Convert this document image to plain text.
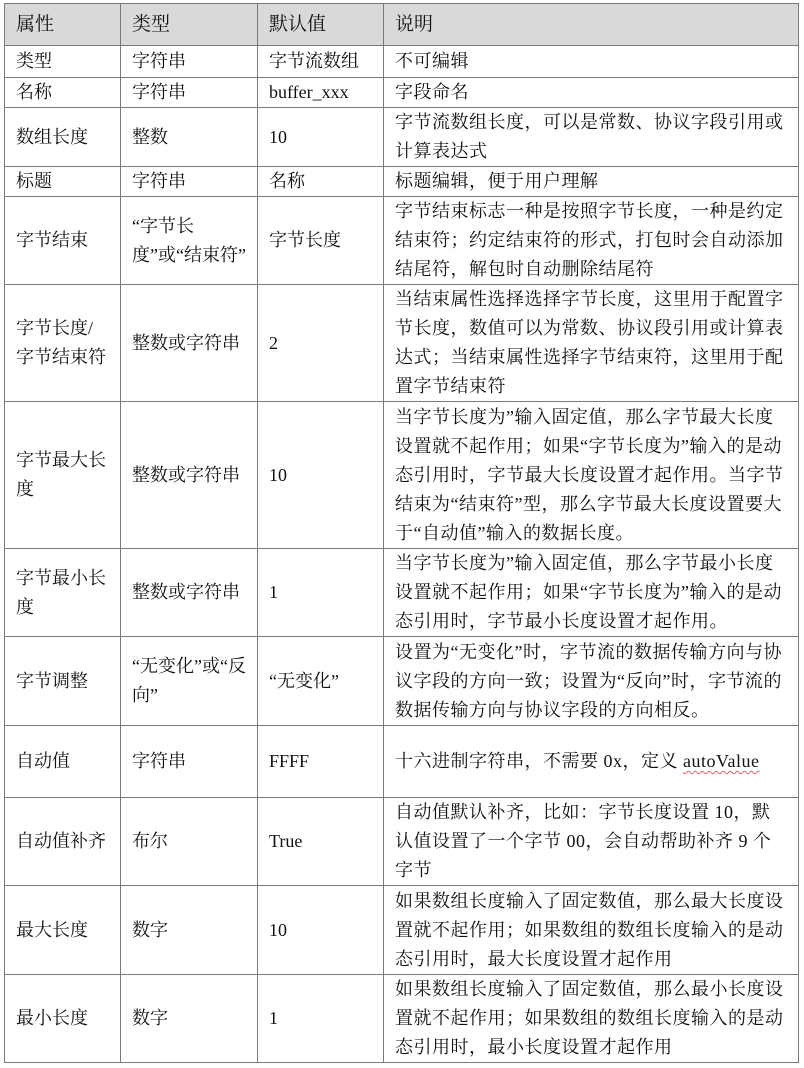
属性	类型	默认值	说明
类型	字符串	字节流数组	不可编辑
名称	字符串	buffer_xxx	字段命名
数组长度	整数	10	字节流数组长度，可以是常数、协议字段引用或计算表达式
标题	字符串	名称	标题编辑，便于用户理解
字节结束	“字节长度”或“结束符”	字节长度	字节结束标志一种是按照字节长度，一种是约定结束符；约定结束符的形式，打包时会自动添加结尾符，解包时自动删除结尾符
字节长度/字节结束符	整数或字符串	2	当结束属性选择选择字节长度，这里用于配置字节长度，数值可以为常数、协议段引用或计算表达式；当结束属性选择字节结束符，这里用于配置字节结束符
字节最大长度	整数或字符串	10	当字节长度为”输入固定值，那么字节最大长度设置就不起作用；如果“字节长度为”输入的是动态引用时，字节最大长度设置才起作用。当字节结束为“结束符”型，那么字节最大长度设置要大于“自动值”输入的数据长度。
字节最小长度	整数或字符串	1	当字节长度为”输入固定值，那么字节最小长度设置就不起作用；如果“字节长度为”输入的是动态引用时，字节最小长度设置才起作用。
字节调整	“无变化”或“反向”	“无变化”	设置为“无变化”时，字节流的数据传输方向与协议字段的方向一致；设置为“反向”时，字节流的数据传输方向与协议字段的方向相反。
自动值	字符串	FFFF	十六进制字符串，不需要 0x，定义 autoValue
自动值补齐	布尔	True	自动值默认补齐，比如：字节长度设置 10，默认值设置了一个字节 00，会自动帮助补齐 9 个字节
最大长度	数字	10	如果数组长度输入了固定数值，那么最大长度设置就不起作用；如果数组的数组长度输入的是动态引用时，最大长度设置才起作用
最小长度	数字	1	如果数组长度输入了固定数值，那么最小长度设置就不起作用；如果数组的数组长度输入的是动态引用时，最小长度设置才起作用
